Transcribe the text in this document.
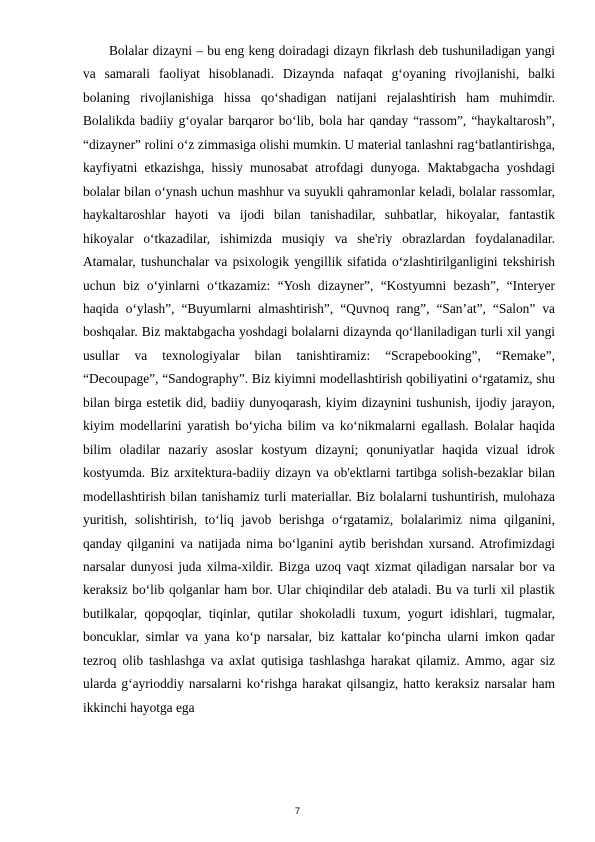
Bolalar dizayni – bu eng keng doiradagi dizayn fikrlash deb tushuniladigan yangi va samarali faoliyat hisoblanadi. Dizaynda nafaqat g‘oyaning rivojlanishi, balki bolaning rivojlanishiga hissa qo‘shadigan natijani rejalashtirish ham muhimdir. Bolalikda badiiy g‘oyalar barqaror bo‘lib, bola har qanday “rassom”, “haykaltarosh”, “dizayner” rolini o‘z zimmasiga olishi mumkin. U material tanlashni rag‘batlantirishga, kayfiyatni etkazishga, hissiy munosabat atrofdagi dunyoga. Maktabgacha yoshdagi bolalar bilan o‘ynash uchun mashhur va suyukli qahramonlar keladi, bolalar rassomlar, haykaltaroshlar hayoti va ijodi bilan tanishadilar, suhbatlar, hikoyalar, fantastik hikoyalar o‘tkazadilar, ishimizda musiqiy va she'riy obrazlardan foydalanadilar. Atamalar, tushunchalar va psixologik yengillik sifatida o‘zlashtirilganligini tekshirish uchun biz o‘yinlarni o‘tkazamiz: “Yosh dizayner”, “Kostyumni bezash”, “Interyer haqida o‘ylash”, “Buyumlarni almashtirish”, “Quvnoq rang”, “San’at”, “Salon” va boshqalar. Biz maktabgacha yoshdagi bolalarni dizaynda qo‘llaniladigan turli xil yangi usullar va texnologiyalar bilan tanishtiramiz: “Scrapebooking”, “Remake”, “Decoupage”, “Sandography”. Biz kiyimni modellashtirish qobiliyatini o‘rgatamiz, shu bilan birga estetik did, badiiy dunyoqarash, kiyim dizaynini tushunish, ijodiy jarayon, kiyim modellarini yaratish bo‘yicha bilim va ko‘nikmalarni egallash. Bolalar haqida bilim oladilar nazariy asoslar kostyum dizayni; qonuniyatlar haqida vizual idrok kostyumda. Biz arxitektura-badiiy dizayn va ob'ektlarni tartibga solish-bezaklar bilan modellashtirish bilan tanishamiz turli materiallar. Biz bolalarni tushuntirish, mulohaza yuritish, solishtirish, to‘liq javob berishga o‘rgatamiz, bolalarimiz nima qilganini, qanday qilganini va natijada nima bo‘lganini aytib berishdan xursand. Atrofimizdagi narsalar dunyosi juda xilma-xildir. Bizga uzoq vaqt xizmat qiladigan narsalar bor va keraksiz bo‘lib qolganlar ham bor. Ular chiqindilar deb ataladi. Bu va turli xil plastik butilkalar, qopqoqlar, tiqinlar, qutilar shokoladli tuxum, yogurt idishlari, tugmalar, boncuklar, simlar va yana ko‘p narsalar, biz kattalar ko‘pincha ularni imkon qadar tezroq olib tashlashga va axlat qutisiga tashlashga harakat qilamiz. Ammo, agar siz ularda g‘ayrioddiy narsalarni ko‘rishga harakat qilsangiz, hatto keraksiz narsalar ham ikkinchi hayotga ega

7
